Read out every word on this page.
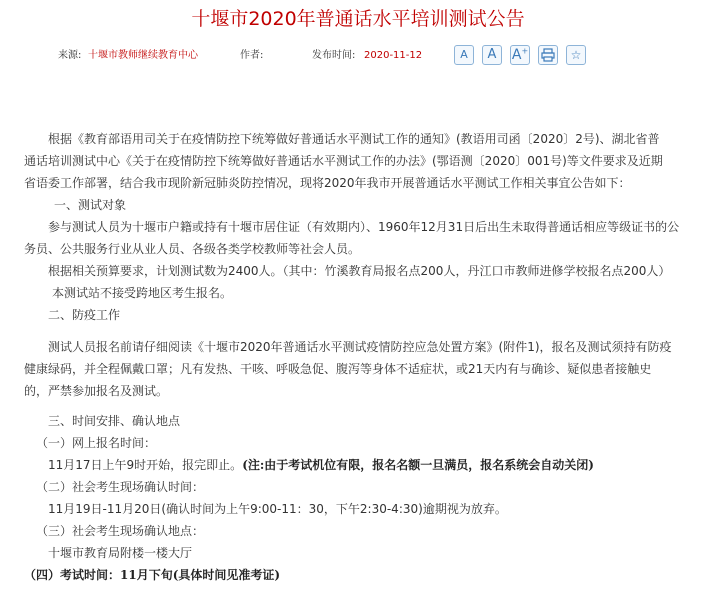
十堰市2020年普通话水平培训测试公告
来源: 十堰市教师继续教育中心	作者:	发布时间: 2020-11-12	A	A	A+	☆

根据《教育部语用司关于在疫情防控下统筹做好普通话水平测试工作的通知》(教语用司函〔2020〕2号)、湖北省普

通话培训测试中心《关于在疫情防控下统筹做好普通话水平测试工作的办法》(鄂语测〔2020〕001号)等文件要求及近期

省语委工作部署，结合我市现阶新冠肺炎防控情况，现将2020年我市开展普通话水平测试工作相关事宜公告如下：

一、测试对象

参与测试人员为十堰市户籍或持有十堰市居住证（有效期内）、1960年12月31日后出生未取得普通话相应等级证书的公

务员、公共服务行业从业人员、各级各类学校教师等社会人员。

根据相关预算要求，计划测试数为2400人。（其中：竹溪教育局报名点200人，丹江口市教师进修学校报名点200人）

本测试站不接受跨地区考生报名。

二、防疫工作

测试人员报名前请仔细阅读《十堰市2020年普通话水平测试疫情防控应急处置方案》(附件1)，报名及测试须持有防疫

健康绿码，并全程佩戴口罩；凡有发热、干咳、呼吸急促、腹泻等身体不适症状，或21天内有与确诊、疑似患者接触史

的，严禁参加报名及测试。

三、时间安排、确认地点

（一）网上报名时间：

11月17日上午9时开始，报完即止。(注:由于考试机位有限，报名名额一旦满员，报名系统会自动关闭)

（二）社会考生现场确认时间：

11月19日-11月20日(确认时间为上午9:00-11：30，下午2:30-4:30)逾期视为放弃。

（三）社会考生现场确认地点：

十堰市教育局附楼一楼大厅

（四）考试时间：11月下旬(具体时间见准考证)
